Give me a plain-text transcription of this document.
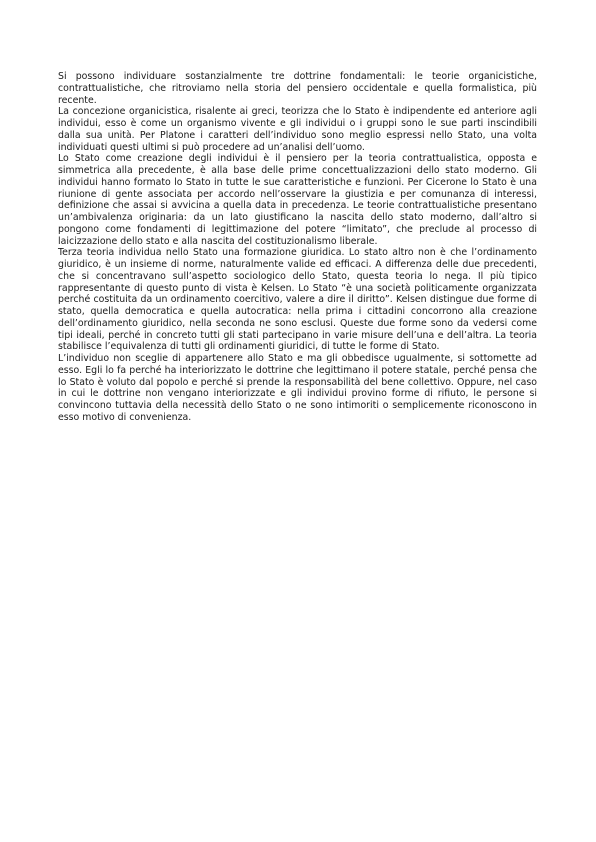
Si possono individuare sostanzialmente tre dottrine fondamentali: le teorie organicistiche, contrattualistiche, che ritroviamo nella storia del pensiero occidentale e quella formalistica, più recente.

La concezione organicistica, risalente ai greci, teorizza che lo Stato è indipendente ed anteriore agli individui, esso è come un organismo vivente e gli individui o i gruppi sono le sue parti inscindibili dalla sua unità. Per Platone i caratteri dell’individuo sono meglio espressi nello Stato, una volta individuati questi ultimi si può procedere ad un’analisi dell’uomo.

Lo Stato come creazione degli individui è il pensiero per la teoria contrattualistica, opposta e simmetrica alla precedente, è alla base delle prime concettualizzazioni dello stato moderno. Gli individui hanno formato lo Stato in tutte le sue caratteristiche e funzioni. Per Cicerone lo Stato è una riunione di gente associata per accordo nell’osservare la giustizia e per comunanza di interessi, definizione che assai si avvicina a quella data in precedenza. Le teorie contrattualistiche presentano un’ambivalenza originaria: da un lato giustificano la nascita dello stato moderno, dall’altro si pongono come fondamenti di legittimazione del potere “limitato”, che preclude al processo di laicizzazione dello stato e alla nascita del costituzionalismo liberale.

Terza teoria individua nello Stato una formazione giuridica. Lo stato altro non è che l’ordinamento giuridico, è un insieme di norme, naturalmente valide ed efficaci. A differenza delle due precedenti, che si concentravano sull’aspetto sociologico dello Stato, questa teoria lo nega. Il più tipico rappresentante di questo punto di vista è Kelsen. Lo Stato “è una società politicamente organizzata perché costituita da un ordinamento coercitivo, valere a dire il diritto”. Kelsen distingue due forme di stato, quella democratica e quella autocratica: nella prima i cittadini concorrono alla creazione dell’ordinamento giuridico, nella seconda ne sono esclusi. Queste due forme sono da vedersi come tipi ideali, perché in concreto tutti gli stati partecipano in varie misure dell’una e dell’altra. La teoria stabilisce l’equivalenza di tutti gli ordinamenti giuridici, di tutte le forme di Stato.

L’individuo non sceglie di appartenere allo Stato e ma gli obbedisce ugualmente, si sottomette ad esso. Egli lo fa perché ha interiorizzato le dottrine che legittimano il potere statale, perché pensa che lo Stato è voluto dal popolo e perché si prende la responsabilità del bene collettivo. Oppure, nel caso in cui le dottrine non vengano interiorizzate e gli individui provino forme di rifiuto, le persone si convincono tuttavia della necessità dello Stato o ne sono intimoriti o semplicemente riconoscono in esso motivo di convenienza.
